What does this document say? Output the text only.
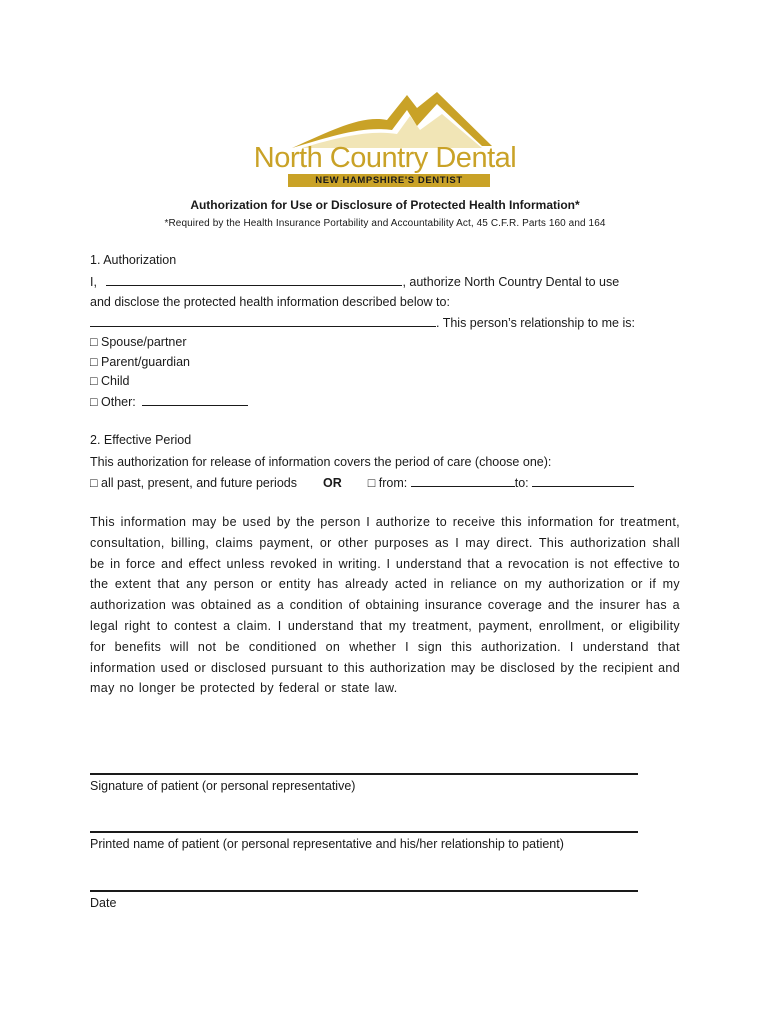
North Country Dental
NEW HAMPSHIRE'S DENTIST
Authorization for Use or Disclosure of Protected Health Information*
*Required by the Health Insurance Portability and Accountability Act, 45 C.F.R. Parts 160 and 164
1. Authorization
I,	, authorize North Country Dental to use
and disclose the protected health information described below to:
. This person’s relationship to me is:
□ Spouse/partner
□ Parent/guardian
□ Child
□ Other:
2. Effective Period
This authorization for release of information covers the period of care (choose one):
□ all past, present, and future periods OR □ from:	to:
This information may be used by the person I authorize to receive this information for treatment, consultation, billing, claims payment, or other purposes as I may direct. This authorization shall be in force and effect unless revoked in writing. I understand that a revocation is not effective to the extent that any person or entity has already acted in reliance on my authorization or if my authorization was obtained as a condition of obtaining insurance coverage and the insurer has a legal right to contest a claim. I understand that my treatment, payment, enrollment, or eligibility for benefits will not be conditioned on whether I sign this authorization. I understand that information used or disclosed pursuant to this authorization may be disclosed by the recipient and may no longer be protected by federal or state law.
Signature of patient (or personal representative)
Printed name of patient (or personal representative and his/her relationship to patient)
Date
